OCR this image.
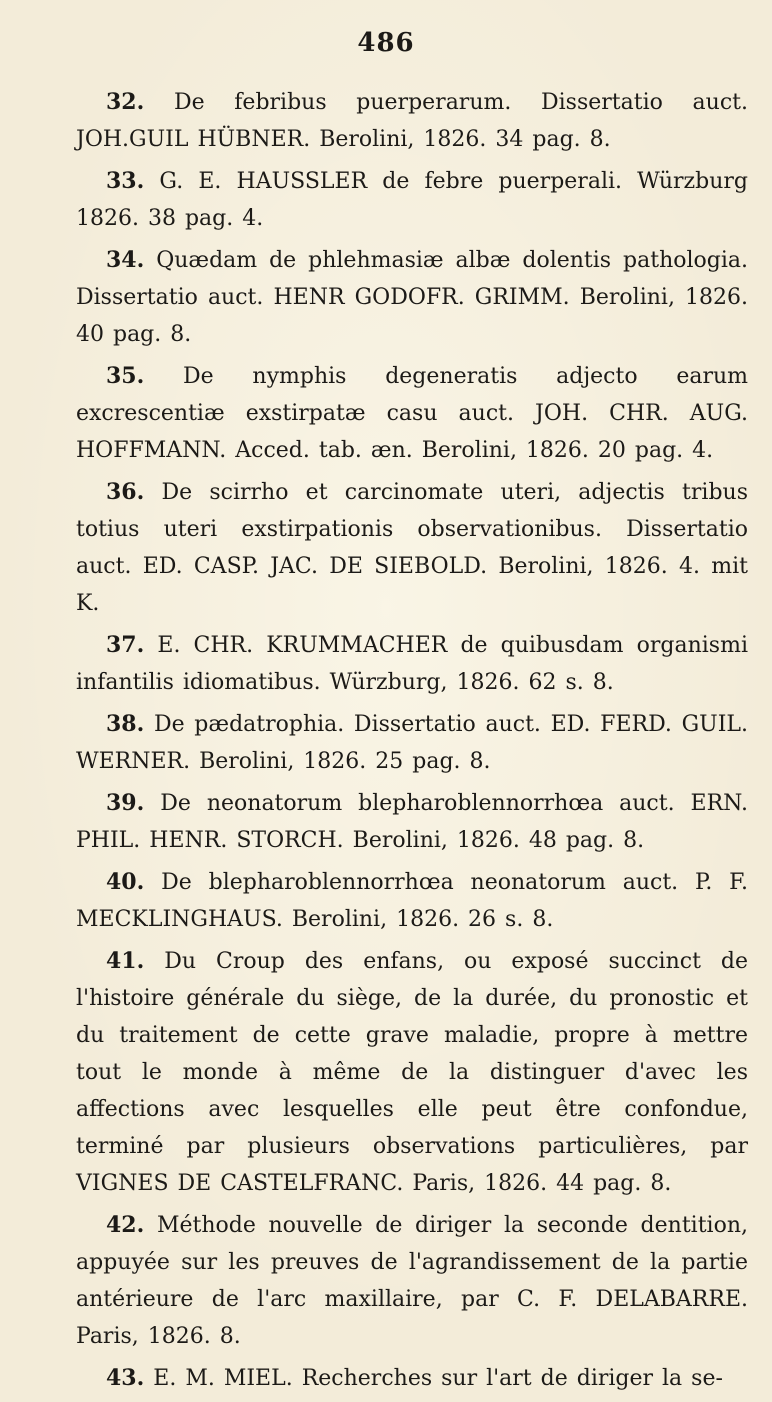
486

32. De febribus puerperarum. Dissertatio auct. JOH.GUIL HÜBNER. Berolini, 1826. 34 pag. 8.

33. G. E. HAUSSLER de febre puerperali. Würzburg 1826. 38 pag. 4.

34. Quædam de phlehmasiæ albæ dolentis pathologia. Dissertatio auct. HENR GODOFR. GRIMM. Berolini, 1826. 40 pag. 8.

35. De nymphis degeneratis adjecto earum excrescentiæ exstirpatæ casu auct. JOH. CHR. AUG. HOFFMANN. Acced. tab. æn. Berolini, 1826. 20 pag. 4.

36. De scirrho et carcinomate uteri, adjectis tribus totius uteri exstirpationis observationibus. Dissertatio auct. ED. CASP. JAC. DE SIEBOLD. Berolini, 1826. 4. mit K.

37. E. CHR. KRUMMACHER de quibusdam organismi infantilis idiomatibus. Würzburg, 1826. 62 s. 8.

38. De pædatrophia. Dissertatio auct. ED. FERD. GUIL. WERNER. Berolini, 1826. 25 pag. 8.

39. De neonatorum blepharoblennorrhœa auct. ERN. PHIL. HENR. STORCH. Berolini, 1826. 48 pag. 8.

40. De blepharoblennorrhœa neonatorum auct. P. F. MECKLINGHAUS. Berolini, 1826. 26 s. 8.

41. Du Croup des enfans, ou exposé succinct de l'histoire générale du siège, de la durée, du pronostic et du traitement de cette grave maladie, propre à mettre tout le monde à même de la distinguer d'avec les affections avec lesquelles elle peut être confondue, terminé par plusieurs observations particulières, par VIGNES DE CASTELFRANC. Paris, 1826. 44 pag. 8.

42. Méthode nouvelle de diriger la seconde dentition, appuyée sur les preuves de l'agrandissement de la partie antérieure de l'arc maxillaire, par C. F. DELABARRE. Paris, 1826. 8.

43. E. M. MIEL. Recherches sur l'art de diriger la se-
